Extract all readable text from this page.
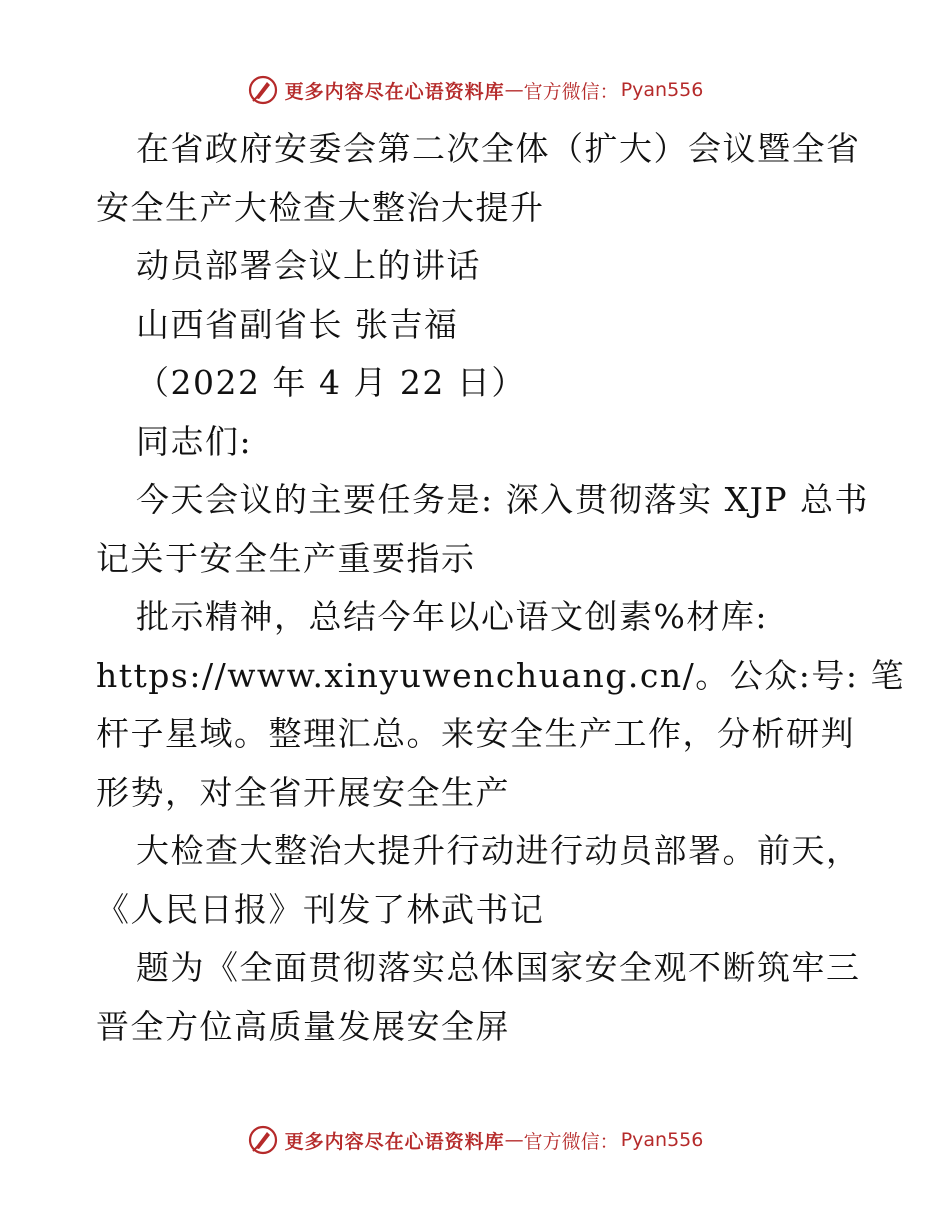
更多内容尽在心语资料库 — 官方微信： Pyan556
在省政府安委会第二次全体（扩大）会议暨全省
安全生产大检查大整治大提升
动员部署会议上的讲话
山西省副省长 张吉福
（2022 年 4 月 22 日）
同志们:
今天会议的主要任务是: 深入贯彻落实 XJP 总书
记关于安全生产重要指示
批示精神，总结今年以心语文创素%材库:
https://www.xinyuwenchuang.cn/。公众:号: 笔
杆子星域。整理汇总。来安全生产工作，分析研判
形势，对全省开展安全生产
大检查大整治大提升行动进行动员部署。前天，
《人民日报》刊发了林武书记
题为《全面贯彻落实总体国家安全观不断筑牢三
晋全方位高质量发展安全屏
更多内容尽在心语资料库 — 官方微信： Pyan556
